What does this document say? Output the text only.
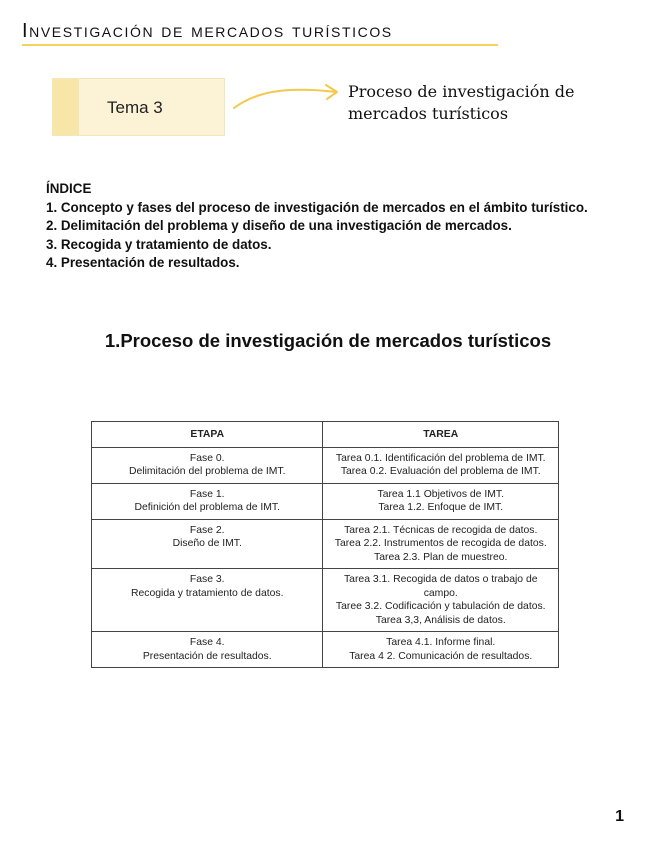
Investigación de mercados turísticos
Tema 3
Proceso de investigación de
mercados turísticos
ÍNDICE
1. Concepto y fases del proceso de investigación de mercados en el ámbito turístico.
2. Delimitación del problema y diseño de una investigación de mercados.
3. Recogida y tratamiento de datos.
4. Presentación de resultados.
1.Proceso de investigación de mercados turísticos
ETAPA	TAREA

Fase 0.
Delimitación del problema de IMT.	Tarea 0.1. Identificación del problema de IMT.
Tarea 0.2. Evaluación del problema de IMT.

Fase 1.
Definición del problema de IMT.	Tarea 1.1 Objetivos de IMT.
Tarea 1.2. Enfoque de IMT.

Fase 2.
Diseño de IMT.	Tarea 2.1. Técnicas de recogida de datos.
Tarea 2.2. Instrumentos de recogida de datos.
Tarea 2.3. Plan de muestreo.

Fase 3.
Recogida y tratamiento de datos.	Tarea 3.1. Recogida de datos o trabajo de campo.
Taree 3.2. Codificación y tabulación de datos.
Tarea 3,3, Análisis de datos.

Fase 4.
Presentación de resultados.	Tarea 4.1. Informe final.
Tarea 4 2. Comunicación de resultados.
1
